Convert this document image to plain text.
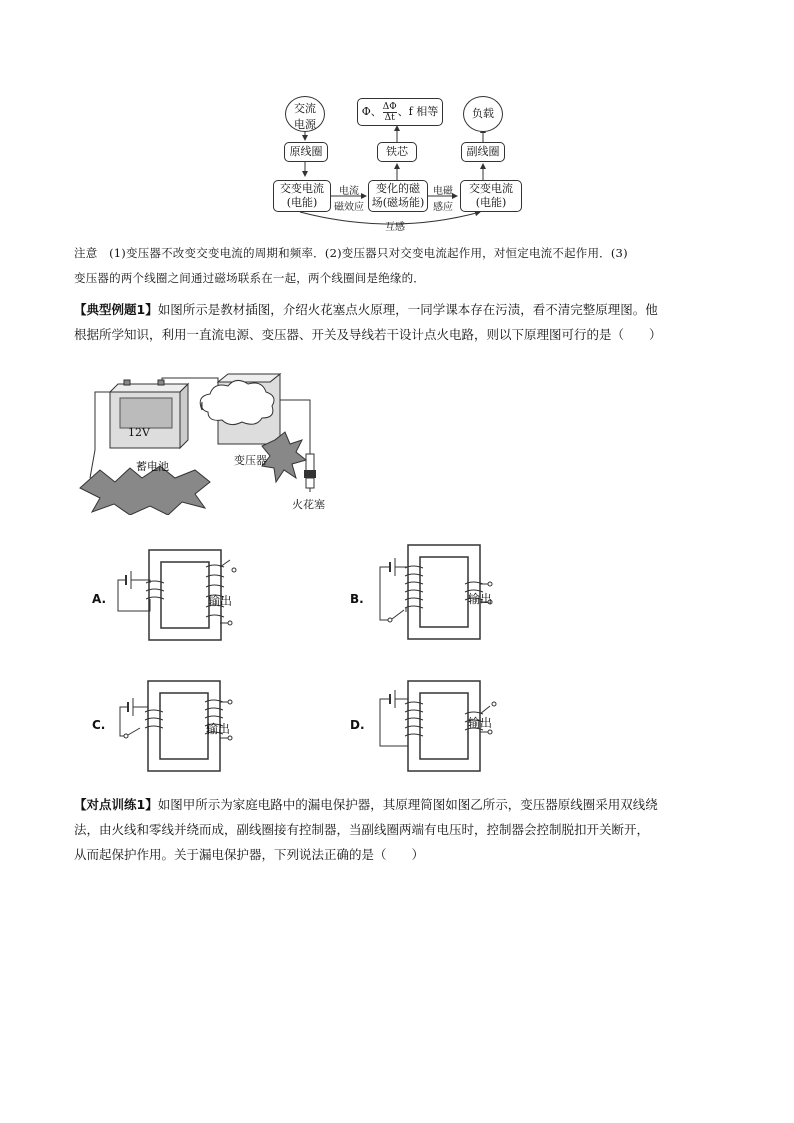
交流
电源
Φ、 ΔΦ
Δt 、f 相等	负载
原线圈	铁芯	副线圈
交变电流
(电能)
变化的磁
场(磁场能)
交变电流
(电能)
电流
磁效应
电磁
感应
互感
注意　(1)变压器不改变交变电流的周期和频率．(2)变压器只对交变电流起作用，对恒定电流不起作用．(3)
变压器的两个线圈之间通过磁场联系在一起，两个线圈间是绝缘的．
【典型例题1】如图所示是教材插图，介绍火花塞点火原理，一同学课本存在污渍，看不清完整原理图。他
根据所学知识，利用一直流电源、变压器、开关及导线若干设计点火电路，则以下原理图可行的是（　　）
12V
蓄电池	变压器
火花塞
A.	B.
C.	D.
输出	输出
输出	输出
【对点训练1】如图甲所示为家庭电路中的漏电保护器，其原理简图如图乙所示，变压器原线圈采用双线绕
法，由火线和零线并绕而成，副线圈接有控制器，当副线圈两端有电压时，控制器会控制脱扣开关断开，
从而起保护作用。关于漏电保护器，下列说法正确的是（　　）
